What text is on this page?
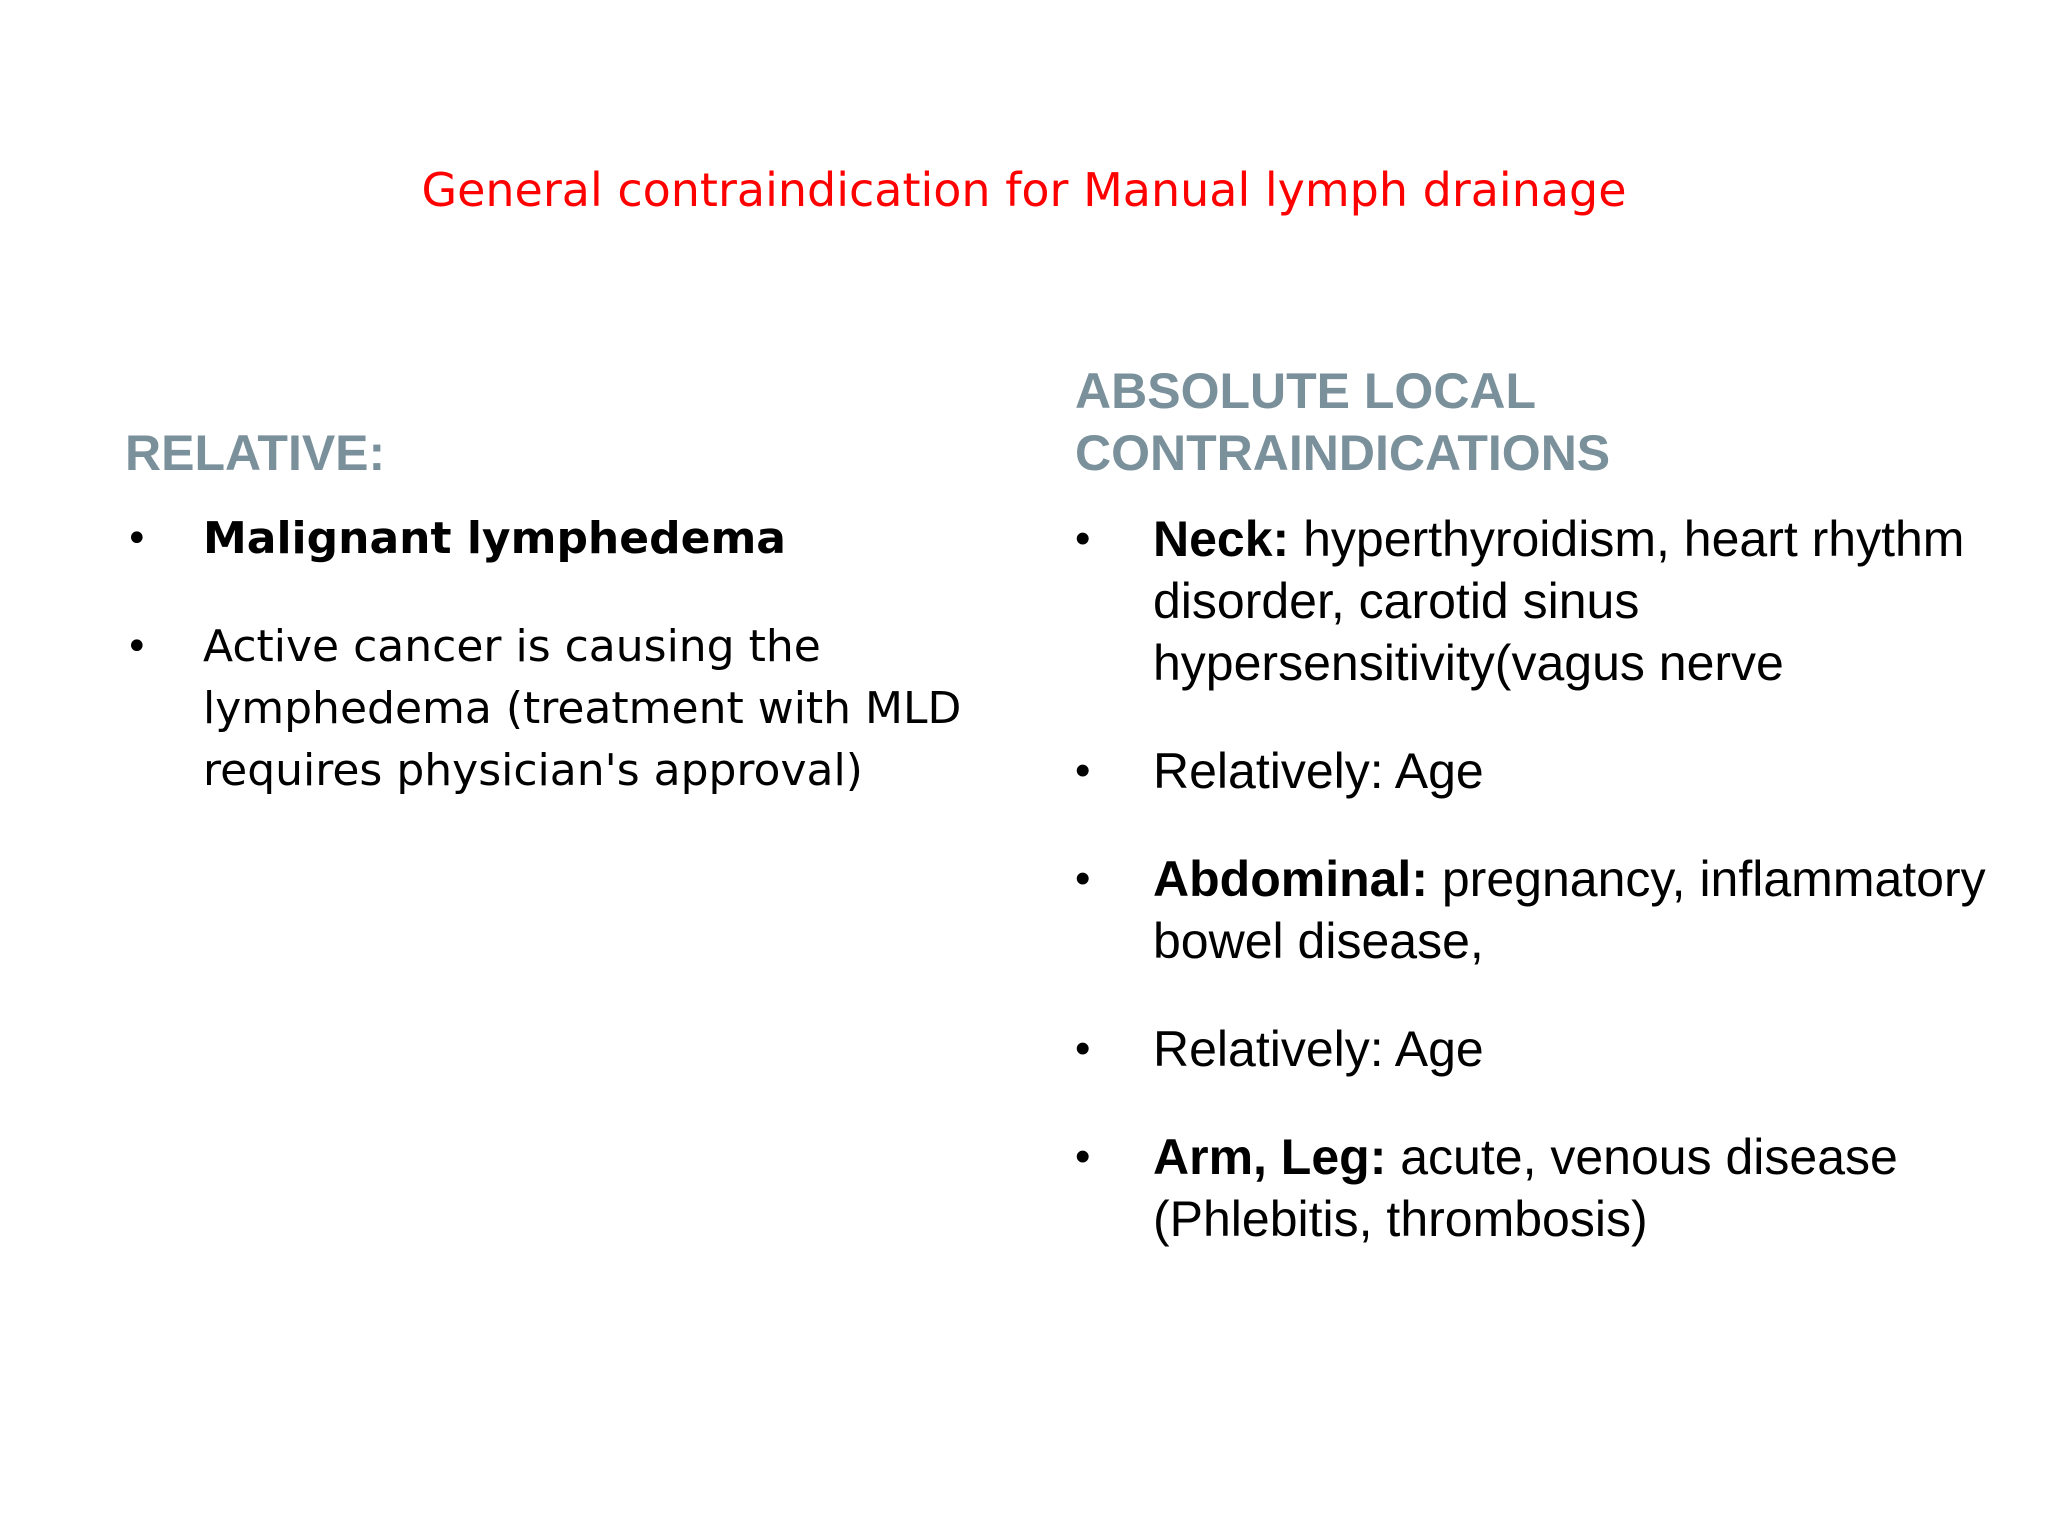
General contraindication for Manual lymph drainage
RELATIVE:
• Malignant lymphedema
• Active cancer is causing the lymphedema (treatment with MLD requires physician's approval)
ABSOLUTE LOCAL CONTRAINDICATIONS
• Neck: hyperthyroidism, heart rhythm disorder, carotid sinus hypersensitivity(vagus nerve
• Relatively: Age
• Abdominal: pregnancy, inflammatory bowel disease,
• Relatively: Age
• Arm, Leg: acute, venous disease (Phlebitis, thrombosis)
